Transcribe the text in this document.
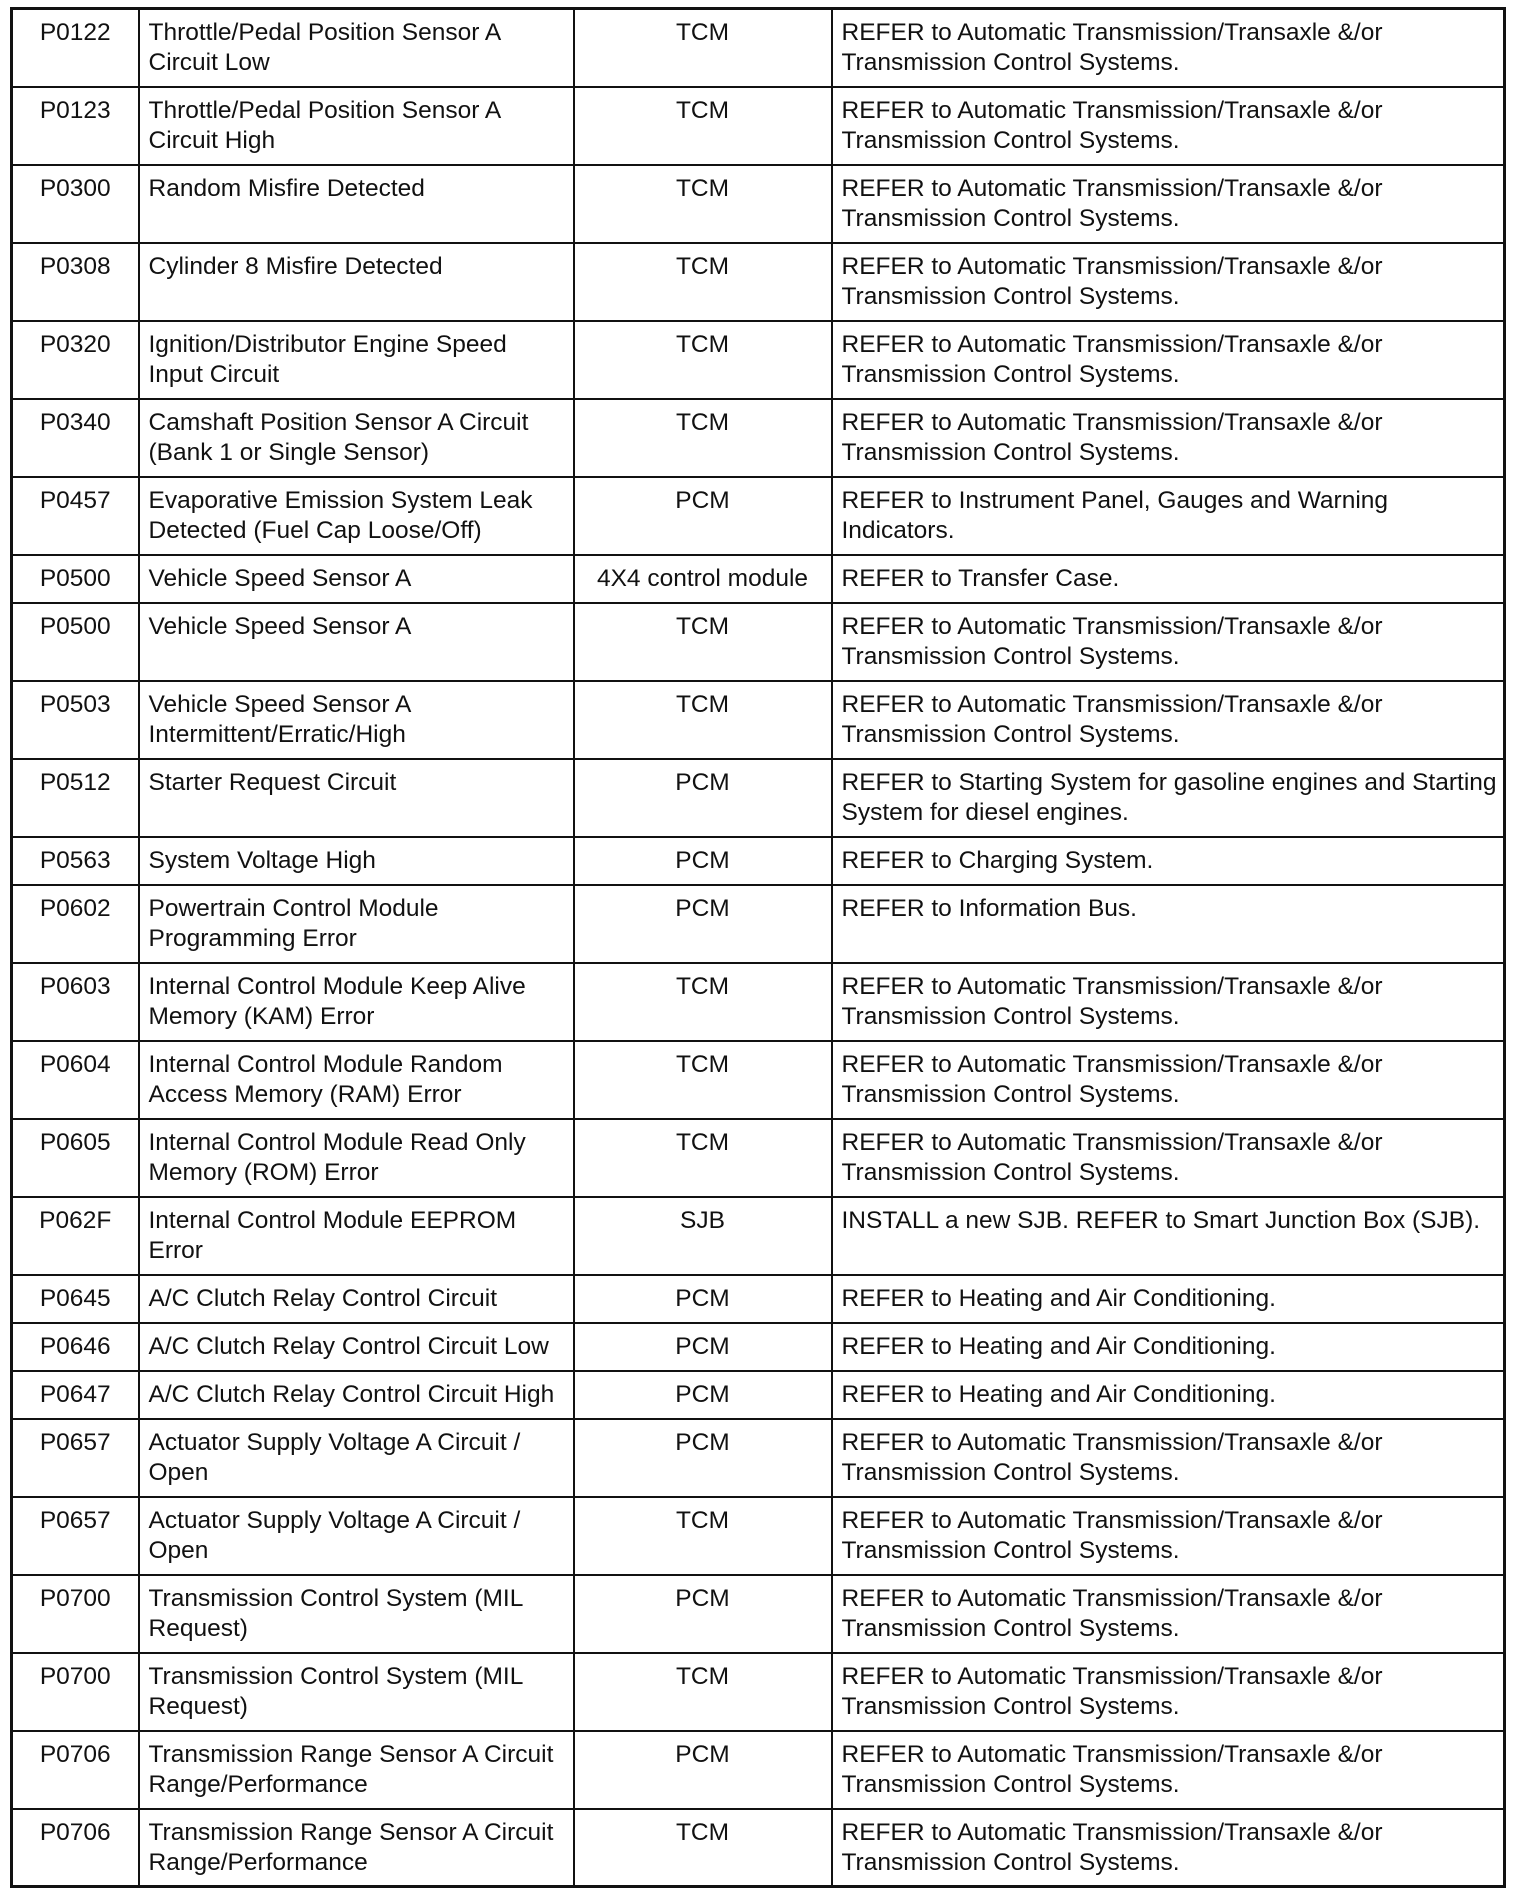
P0122	Throttle/Pedal Position Sensor A Circuit Low	TCM	REFER to Automatic Transmission/Transaxle &/or Transmission Control Systems.
P0123	Throttle/Pedal Position Sensor A Circuit High	TCM	REFER to Automatic Transmission/Transaxle &/or Transmission Control Systems.
P0300	Random Misfire Detected	TCM	REFER to Automatic Transmission/Transaxle &/or Transmission Control Systems.
P0308	Cylinder 8 Misfire Detected	TCM	REFER to Automatic Transmission/Transaxle &/or Transmission Control Systems.
P0320	Ignition/Distributor Engine Speed Input Circuit	TCM	REFER to Automatic Transmission/Transaxle &/or Transmission Control Systems.
P0340	Camshaft Position Sensor A Circuit (Bank 1 or Single Sensor)	TCM	REFER to Automatic Transmission/Transaxle &/or Transmission Control Systems.
P0457	Evaporative Emission System Leak Detected (Fuel Cap Loose/Off)	PCM	REFER to Instrument Panel, Gauges and Warning Indicators.
P0500	Vehicle Speed Sensor A	4X4 control module	REFER to Transfer Case.
P0500	Vehicle Speed Sensor A	TCM	REFER to Automatic Transmission/Transaxle &/or Transmission Control Systems.
P0503	Vehicle Speed Sensor A Intermittent/Erratic/High	TCM	REFER to Automatic Transmission/Transaxle &/or Transmission Control Systems.
P0512	Starter Request Circuit	PCM	REFER to Starting System for gasoline engines and Starting System for diesel engines.
P0563	System Voltage High	PCM	REFER to Charging System.
P0602	Powertrain Control Module Programming Error	PCM	REFER to Information Bus.
P0603	Internal Control Module Keep Alive Memory (KAM) Error	TCM	REFER to Automatic Transmission/Transaxle &/or Transmission Control Systems.
P0604	Internal Control Module Random Access Memory (RAM) Error	TCM	REFER to Automatic Transmission/Transaxle &/or Transmission Control Systems.
P0605	Internal Control Module Read Only Memory (ROM) Error	TCM	REFER to Automatic Transmission/Transaxle &/or Transmission Control Systems.
P062F	Internal Control Module EEPROM Error	SJB	INSTALL a new SJB. REFER to Smart Junction Box (SJB).
P0645	A/C Clutch Relay Control Circuit	PCM	REFER to Heating and Air Conditioning.
P0646	A/C Clutch Relay Control Circuit Low	PCM	REFER to Heating and Air Conditioning.
P0647	A/C Clutch Relay Control Circuit High	PCM	REFER to Heating and Air Conditioning.
P0657	Actuator Supply Voltage A Circuit / Open	PCM	REFER to Automatic Transmission/Transaxle &/or Transmission Control Systems.
P0657	Actuator Supply Voltage A Circuit / Open	TCM	REFER to Automatic Transmission/Transaxle &/or Transmission Control Systems.
P0700	Transmission Control System (MIL Request)	PCM	REFER to Automatic Transmission/Transaxle &/or Transmission Control Systems.
P0700	Transmission Control System (MIL Request)	TCM	REFER to Automatic Transmission/Transaxle &/or Transmission Control Systems.
P0706	Transmission Range Sensor A Circuit Range/Performance	PCM	REFER to Automatic Transmission/Transaxle &/or Transmission Control Systems.
P0706	Transmission Range Sensor A Circuit Range/Performance	TCM	REFER to Automatic Transmission/Transaxle &/or Transmission Control Systems.
